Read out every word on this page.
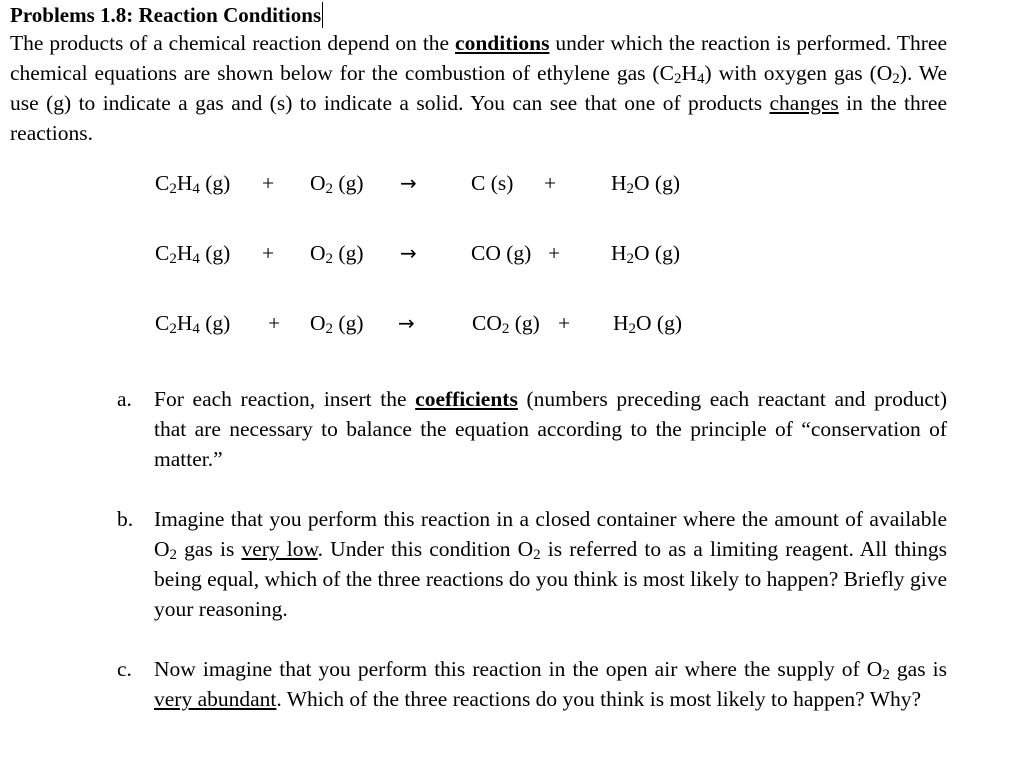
Problems 1.8: Reaction Conditions
The products of a chemical reaction depend on the conditions under which the reaction is performed. Three chemical equations are shown below for the combustion of ethylene gas $(C_2H_4)$ with oxygen gas $(O_2)$. We use (g) to indicate a gas and (s) to indicate a solid. You can see that one of products changes in the three reactions.
$C_2H_4$ $(g) + O_2$ (g) →	C (s) +	$H_2O$ (g)
$C_2H_4$ $(g) + O_2$ (g) →	CO $(g) + H_2O$ (g)
$C_2H_4$ $(g) + O_2$ (g) →	$CO_2$ $(g) + H_2O$ (g)
a. For each reaction, insert the coefficients (numbers preceding each reactant and product) that are necessary to balance the equation according to the principle of “conservation of matter.”
b. Imagine that you perform this reaction in a closed container where the amount of available $O_2$ gas is very low. Under this condition $O_2$ is referred to as a limiting reagent. All things being equal, which of the three reactions do you think is most likely to happen? Briefly give your reasoning.
c. Now imagine that you perform this reaction in the open air where the supply of $O_2$ gas is very abundant. Which of the three reactions do you think is most likely to happen? Why?
